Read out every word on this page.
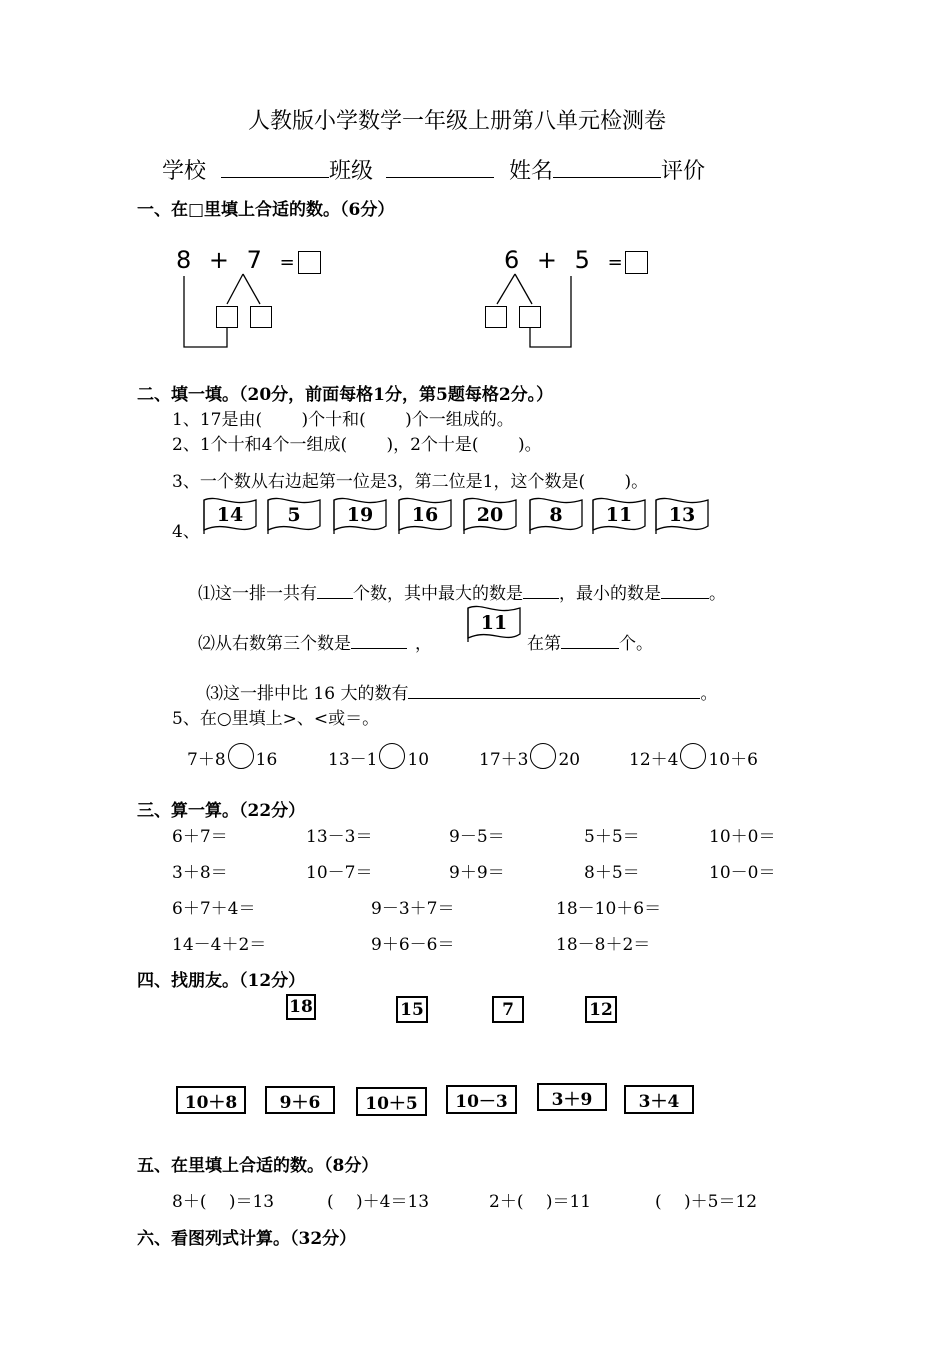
人教版小学数学一年级上册第八单元检测卷
学校	班级	姓名	评价
一、在□里填上合适的数。（6分）
8 + 7 =	6 + 5 =
二、填一填。（20分，前面每格1分，第5题每格2分。）
1、17是由(　　 )个十和(　　 )个一组成的。
2、1个十和4个一组成(　　 )，2个十是(　　 )。
3、一个数从右边起第一位是3，第二位是1，这个数是(　　 )。
4、
14	5	19	16	20	8	11	13
⑴这一排一共有 个数，其中最大的数是 ，最小的数是	。
⑵从右数第三个数是	，
11
在第	个。
⑶这一排中比 16 大的数有	。
5、在○里填上>、<或＝。
7＋8 16	13－1 10	17＋3 20	12＋4 10＋6
三、算一算。（22分）
6＋7＝	13－3＝	9－5＝	5＋5＝	10＋0＝
3＋8＝	10－7＝	9＋9＝	8＋5＝	10－0＝
6＋7＋4＝	9－3＋7＝	18－10＋6＝
14－4＋2＝	9＋6－6＝	18－8＋2＝
四、找朋友。（12分）
18	15	7	12
10＋8	9＋6	10＋5	10－3	3＋9	3＋4
五、在里填上合适的数。（8分）
8＋(　 )＝13	(　 )＋4＝13	2＋(　 )＝11	(　 )＋5＝12
六、看图列式计算。（32分）
